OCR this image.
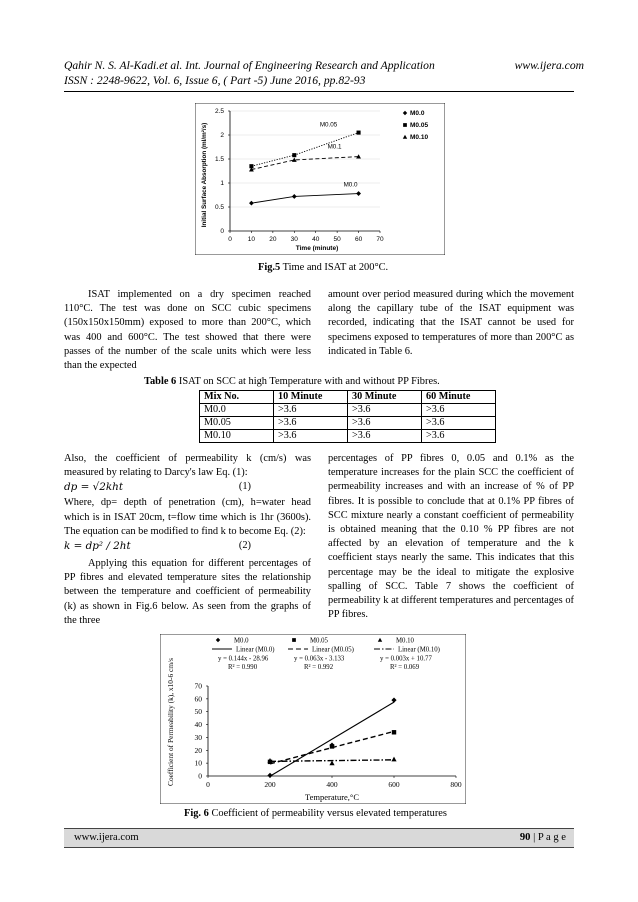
Qahir N. S. Al-Kadi.et al. Int. Journal of Engineering Research and Application	www.ijera.com
ISSN : 2248-9622, Vol. 6, Issue 6, ( Part -5) June 2016, pp.82-93
0
0.5
1
1.5
2
2.5
0 10 20 30 40 50 60 70
M0.0
M0.05
M0.1
Time (minute)
Initial Surface Absorption (ml/m²/s)
M0.0
M0.05
M0.10
Fig.5 Time and ISAT at 200°C.

ISAT implemented on a dry specimen reached 110°C. The test was done on SCC cubic specimens (150x150x150mm) exposed to more than 200°C, which was 400 and 600°C. The test showed that there were passes of the number of the scale units which were less than the expected

amount over period measured during which the movement along the capillary tube of the ISAT equipment was recorded, indicating that the ISAT cannot be used for specimens exposed to temperatures of more than 200°C as indicated in Table 6.

Table 6 ISAT on SCC at high Temperature with and without PP Fibres.
Mix No.	10 Minute	30 Minute	60 Minute
M0.0	>3.6	>3.6	>3.6
M0.05	>3.6	>3.6	>3.6
M0.10	>3.6	>3.6	>3.6

Also, the coefficient of permeability k (cm/s) was measured by relating to Darcy's law Eq. (1):

dp = √2kht	(1)

Where, dp= depth of penetration (cm), h=water head which is in ISAT 20cm, t=flow time which is 1hr (3600s). The equation can be modified to find k to become Eq. (2):

k = dp² / 2ht	(2)

Applying this equation for different percentages of PP fibres and elevated temperature sites the relationship between the temperature and coefficient of permeability (k) as shown in Fig.6 below. As seen from the graphs of the three

percentages of PP fibres 0, 0.05 and 0.1% as the temperature increases for the plain SCC the coefficient of permeability increases and with an increase of % of PP fibres. It is possible to conclude that at 0.1% PP fibres of SCC mixture nearly a constant coefficient of permeability is obtained meaning that the 0.10 % PP fibres are not affected by an elevation of temperature and the k coefficient stays nearly the same. This indicates that this percentage may be the ideal to mitigate the explosive spalling of SCC. Table 7 shows the coefficient of permeability k at different temperatures and percentages of PP fibres.

M0.0
Linear (M0.0)
y = 0.144x - 28.96
R² = 0.990
M0.05
Linear (M0.05)
y = 0.063x - 3.133
R² = 0.992
M0.10
Linear (M0.10)
y = 0.003x + 10.77
R² = 0.069
0
10
20
30
40
50
60
70
0	200	400	600	800
Temperature,°C
Coefficient of Permeability (k), x10-6 cm/s
Fig. 6 Coefficient of permeability versus elevated temperatures
www.ijera.com	90 | P a g e
